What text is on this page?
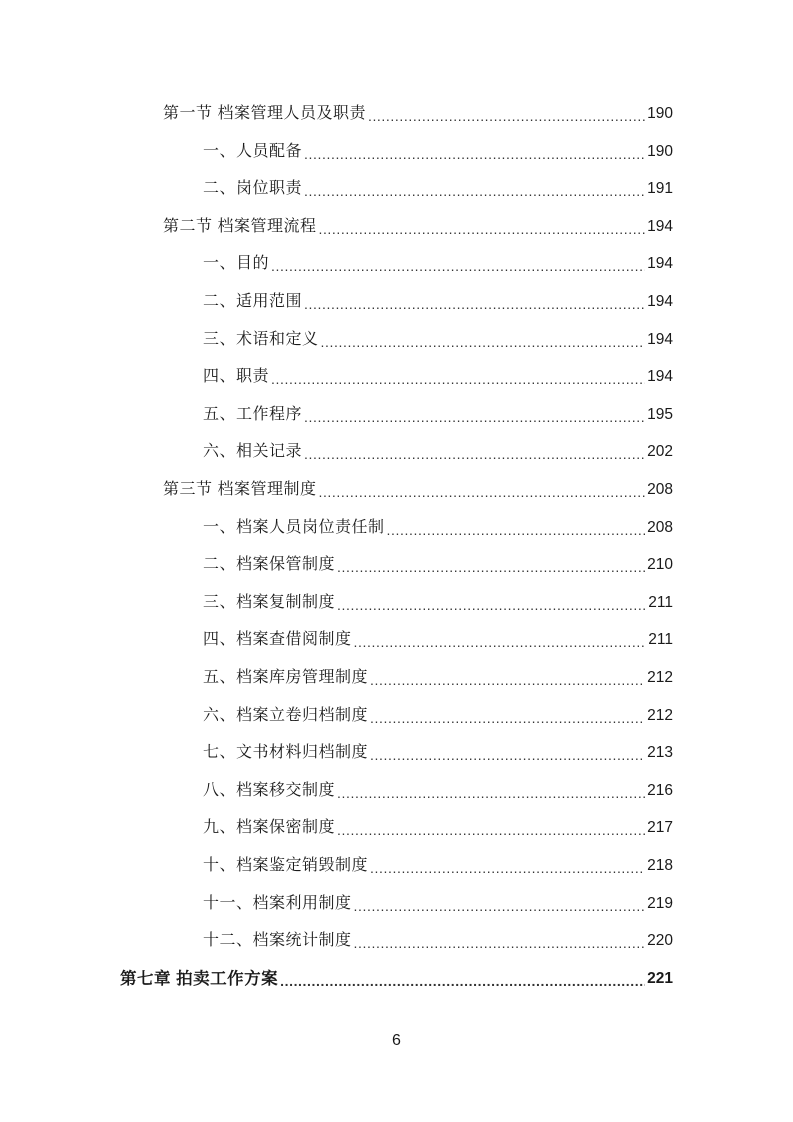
第一节 档案管理人员及职责 .....	190
一、人员配备 .....	190
二、岗位职责 .....	191
第二节 档案管理流程 .....	194
一、目的 .....	194
二、适用范围 .....	194
三、术语和定义 .....	194
四、职责 .....	194
五、工作程序 .....	195
六、相关记录 .....	202
第三节 档案管理制度 .....	208
一、档案人员岗位责任制 .....	208
二、档案保管制度 .....	210
三、档案复制制度 .....	211
四、档案查借阅制度 .....	211
五、档案库房管理制度 .....	212
六、档案立卷归档制度 .....	212
七、文书材料归档制度 .....	213
八、档案移交制度 .....	216
九、档案保密制度 .....	217
十、档案鉴定销毁制度 .....	218
十一、档案利用制度 .....	219
十二、档案统计制度 .....	220
第七章 拍卖工作方案 .....	221
6
